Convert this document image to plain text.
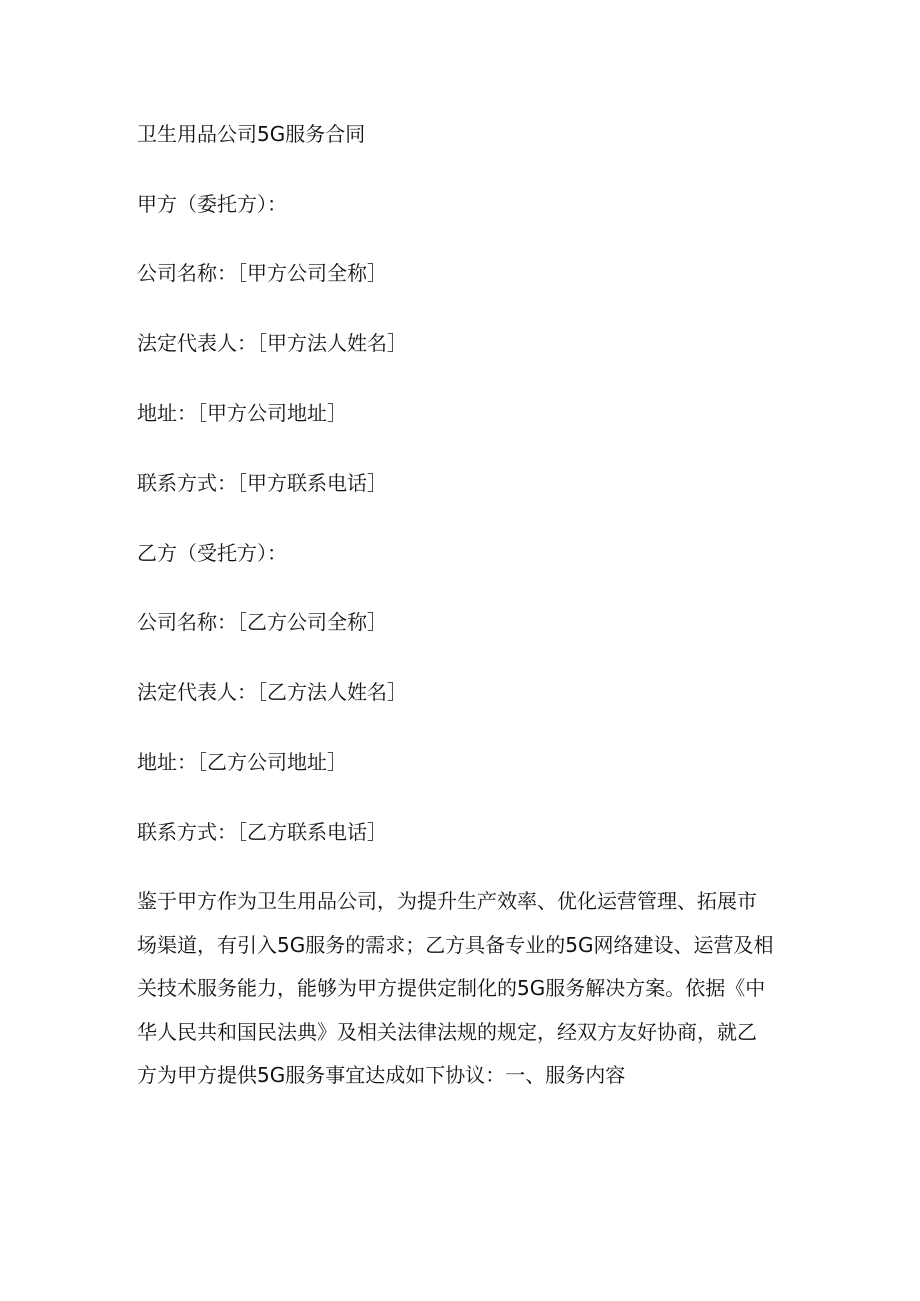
卫生用品公司5G服务合同
甲方（委托方）：
公司名称：［甲方公司全称］
法定代表人：［甲方法人姓名］
地址：［甲方公司地址］
联系方式：［甲方联系电话］
乙方（受托方）：
公司名称：［乙方公司全称］
法定代表人：［乙方法人姓名］
地址：［乙方公司地址］
联系方式：［乙方联系电话］
鉴于甲方作为卫生用品公司，为提升生产效率、优化运营管理、拓展市
场渠道，有引入5G服务的需求；乙方具备专业的5G网络建设、运营及相
关技术服务能力，能够为甲方提供定制化的5G服务解决方案。依据《中
华人民共和国民法典》及相关法律法规的规定，经双方友好协商，就乙
方为甲方提供5G服务事宜达成如下协议：一、服务内容
